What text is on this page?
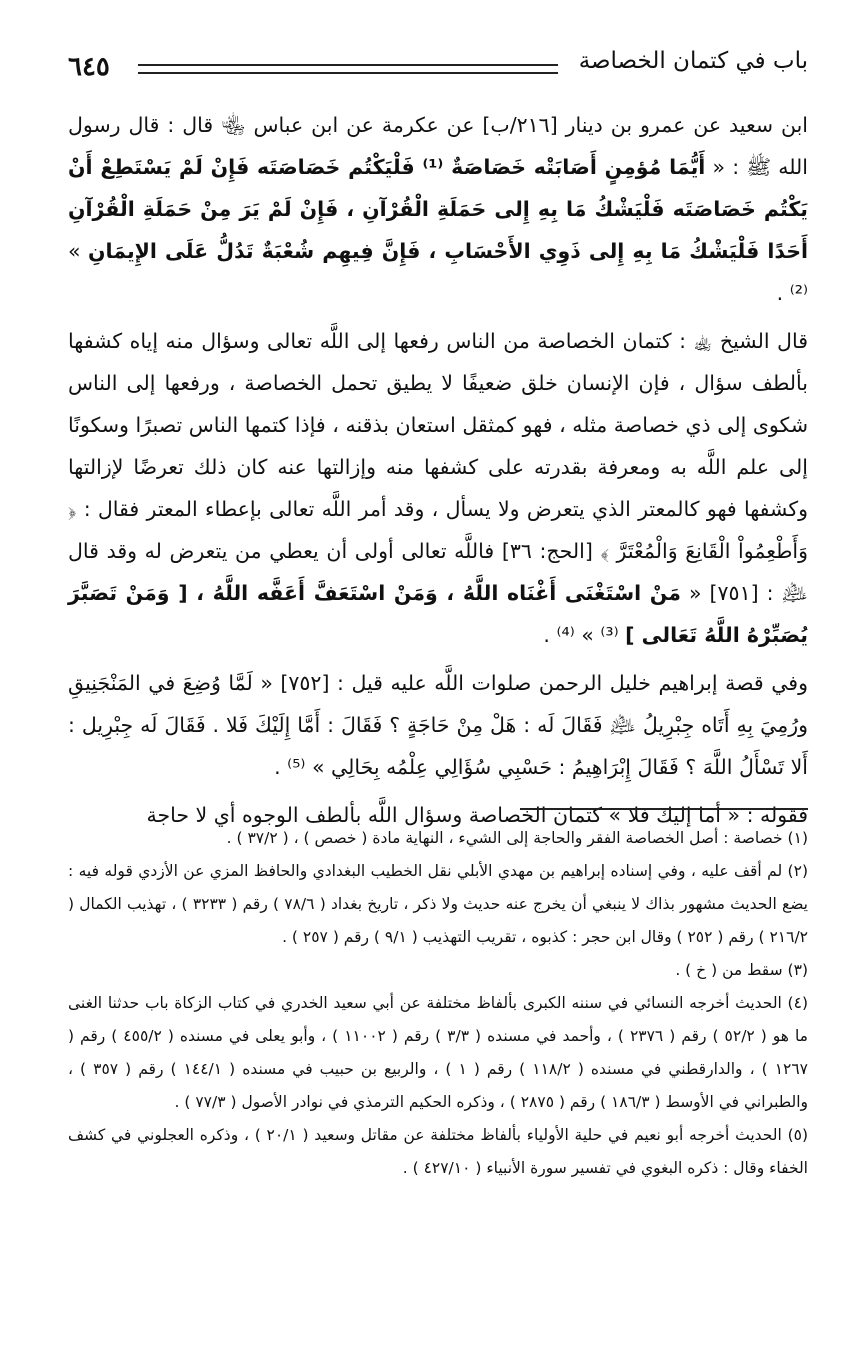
٦٤٥	باب في كتمان الخصاصة

ابن سعيد عن عمرو بن دينار [٢١٦/ب] عن عكرمة عن ابن عباس ﵄ قال : قال رسول الله ﷺ : « أَيُّمَا مُؤمِنٍ أَصَابَتْه خَصَاصَةٌ ⁽¹⁾ فَلْيَكْتُم خَصَاصَتَه فَإِنْ لَمْ يَسْتَطِعْ أَنْ يَكْتُم خَصَاصَتَه فَلْيَشْكُ مَا بِهِ إِلى حَمَلَةِ الْقُرْآنِ ، فَإِنْ لَمْ يَرَ مِنْ حَمَلَةِ الْقُرْآنِ أَحَدًا فَلْيَشْكُ مَا بِهِ إِلى ذَوِي الأَحْسَابِ ، فَإِنَّ فِيهِم شُعْبَةٌ تَدُلُّ عَلَى الإِيمَانِ » ⁽²⁾ .

قال الشيخ ﵀ : كتمان الخصاصة من الناس رفعها إلى اللَّه تعالى وسؤال منه إياه كشفها بألطف سؤال ، فإن الإنسان خلق ضعيفًا لا يطيق تحمل الخصاصة ، ورفعها إلى الناس شكوى إلى ذي خصاصة مثله ، فهو كمثقل استعان بذقنه ، فإذا كتمها الناس تصبرًا وسكونًا إلى علم اللَّه به ومعرفة بقدرته على كشفها منه وإزالتها عنه كان ذلك تعرضًا لإزالتها وكشفها فهو كالمعتر الذي يتعرض ولا يسأل ، وقد أمر اللَّه تعالى بإعطاء المعتر فقال : ﴿ وَأَطْعِمُواْ الْقَانِعَ وَالْمُعْتَرَّ ﴾ [الحج: ٣٦] فاللَّه تعالى أولى أن يعطي من يتعرض له وقد قال ﵇ : [٧٥١] « مَنْ اسْتَغْنَى أَغْنَاه اللَّهُ ، وَمَنْ اسْتَعَفَّ أَعَفَّه اللَّهُ ، [ وَمَنْ تَصَبَّرَ يُصَبِّرْهُ اللَّهُ تَعَالى ] ⁽³⁾ » ⁽⁴⁾ .

وفي قصة إبراهيم خليل الرحمن صلوات اللَّه عليه قيل : [٧٥٢] « لَمَّا وُضِعَ في المَنْجَنِيقِ ورُمِيَ بِهِ أَتَاه جِبْرِيلُ ﵇ فَقَالَ لَه : هَلْ مِنْ حَاجَةٍ ؟ فَقَالَ : أَمَّا إِلَيْكَ فَلا . فَقَالَ لَه جِبْرِيل : أَلا تَسْأَلُ اللَّهَ ؟ فَقَالَ إِبْرَاهِيمُ : حَسْبِي سُؤَالِي عِلْمُه بِحَالِي » ⁽⁵⁾ .

فقوله : « أما إليك فلا » كتمان الخصاصة وسؤال اللَّه بألطف الوجوه أي لا حاجة

(١) خصاصة : أصل الخصاصة الفقر والحاجة إلى الشيء ، النهاية مادة ( خصص ) ، ( ٣٧/٢ ) .

(٢) لم أقف عليه ، وفي إسناده إبراهيم بن مهدي الأبلي نقل الخطيب البغدادي والحافظ المزي عن الأزدي قوله فيه : يضع الحديث مشهور بذاك لا ينبغي أن يخرج عنه حديث ولا ذكر ، تاريخ بغداد ( ٧٨/٦ ) رقم ( ٣٢٣٣ ) ، تهذيب الكمال ( ٢١٦/٢ ) رقم ( ٢٥٢ ) وقال ابن حجر : كذبوه ، تقريب التهذيب ( ٩/١ ) رقم ( ٢٥٧ ) .

(٣) سقط من ( خ ) .

(٤) الحديث أخرجه النسائي في سننه الكبرى بألفاظ مختلفة عن أبي سعيد الخدري في كتاب الزكاة باب حدثنا الغنى ما هو ( ٥٢/٢ ) رقم ( ٢٣٧٦ ) ، وأحمد في مسنده ( ٣/٣ ) رقم ( ١١٠٠٢ ) ، وأبو يعلى في مسنده ( ٤٥٥/٢ ) رقم ( ١٢٦٧ ) ، والدارقطني في مسنده ( ١١٨/٢ ) رقم ( ١ ) ، والربيع بن حبيب في مسنده ( ١٤٤/١ ) رقم ( ٣٥٧ ) ، والطبراني في الأوسط ( ١٨٦/٣ ) رقم ( ٢٨٧٥ ) ، وذكره الحكيم الترمذي في نوادر الأصول ( ٧٧/٣ ) .

(٥) الحديث أخرجه أبو نعيم في حلية الأولياء بألفاظ مختلفة عن مقاتل وسعيد ( ٢٠/١ ) ، وذكره العجلوني في كشف الخفاء وقال : ذكره البغوي في تفسير سورة الأنبياء ( ٤٢٧/١٠ ) .
